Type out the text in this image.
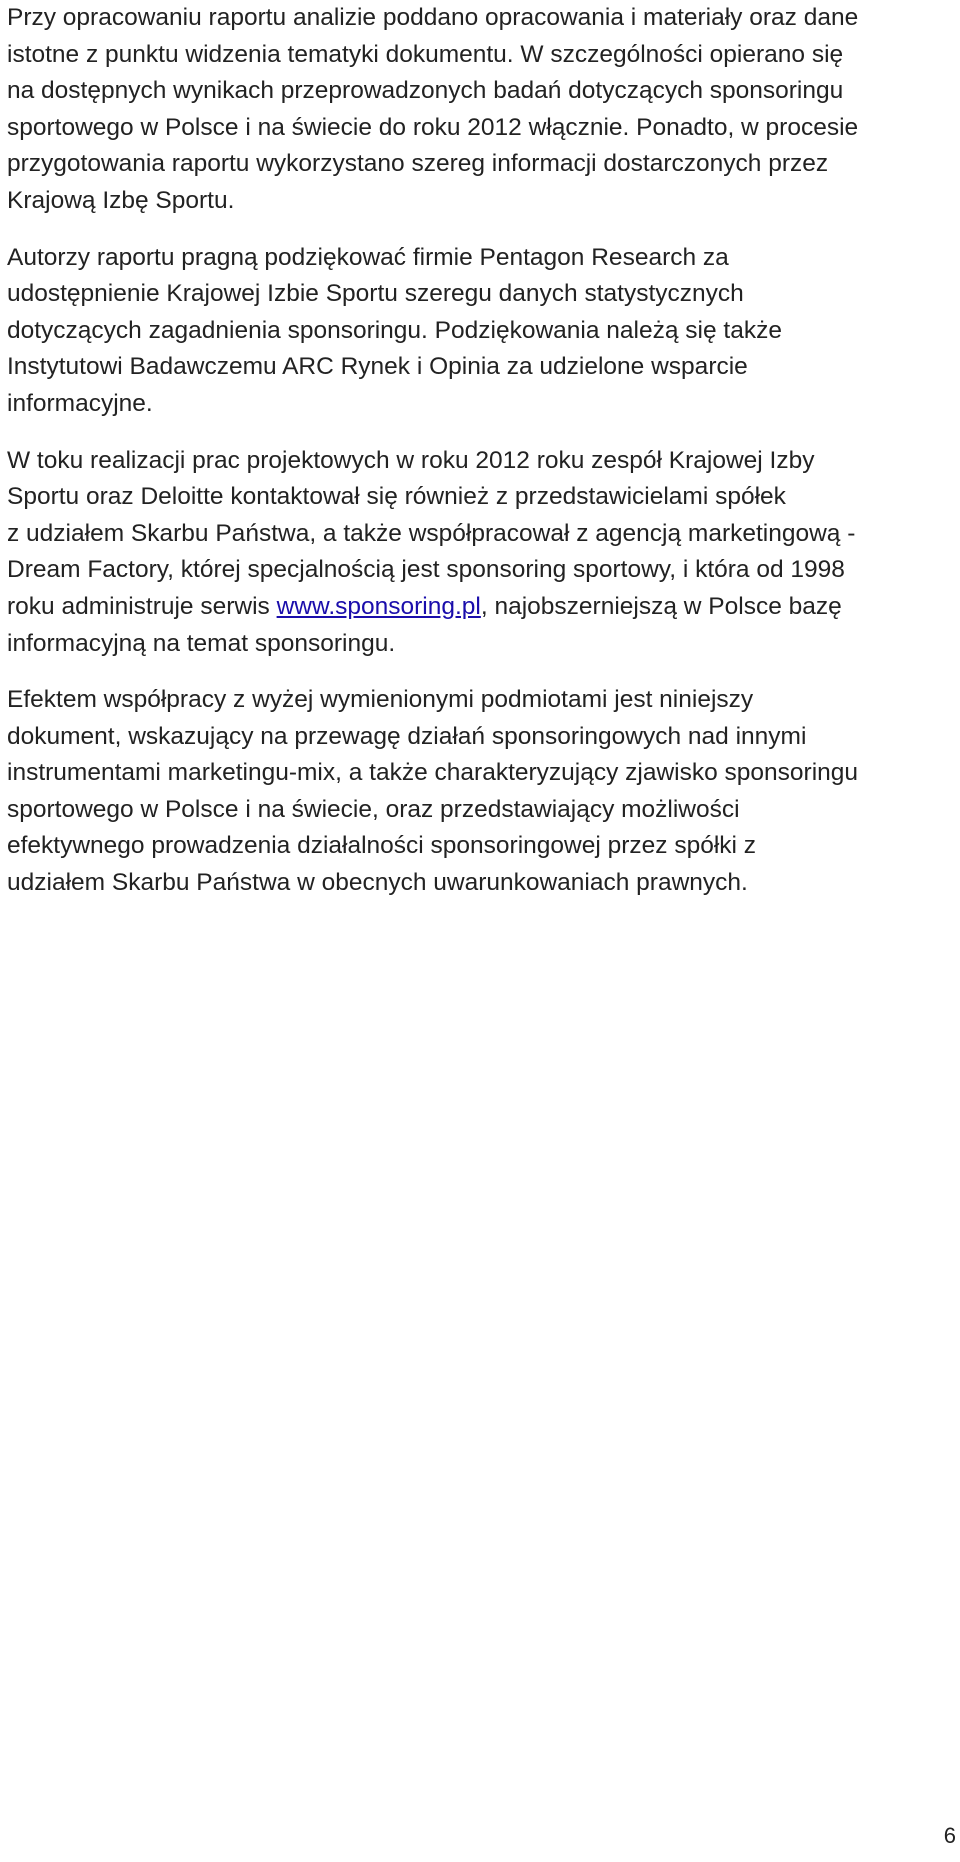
Przy opracowaniu raportu analizie poddano opracowania i materiały oraz dane
istotne z punktu widzenia tematyki dokumentu. W szczególności opierano się
na dostępnych wynikach przeprowadzonych badań dotyczących sponsoringu
sportowego w Polsce i na świecie do roku 2012 włącznie. Ponadto, w procesie
przygotowania raportu wykorzystano szereg informacji dostarczonych przez
Krajową Izbę Sportu.

Autorzy raportu pragną podziękować firmie Pentagon Research za
udostępnienie Krajowej Izbie Sportu szeregu danych statystycznych
dotyczących zagadnienia sponsoringu. Podziękowania należą się także
Instytutowi Badawczemu ARC Rynek i Opinia za udzielone wsparcie
informacyjne.

W toku realizacji prac projektowych w roku 2012 roku zespół Krajowej Izby
Sportu oraz Deloitte kontaktował się również z przedstawicielami spółek
z udziałem Skarbu Państwa, a także współpracował z agencją marketingową -
Dream Factory, której specjalnością jest sponsoring sportowy, i która od 1998
roku administruje serwis www.sponsoring.pl, najobszerniejszą w Polsce bazę
informacyjną na temat sponsoringu.

Efektem współpracy z wyżej wymienionymi podmiotami jest niniejszy
dokument, wskazujący na przewagę działań sponsoringowych nad innymi
instrumentami marketingu-mix, a także charakteryzujący zjawisko sponsoringu
sportowego w Polsce i na świecie, oraz przedstawiający możliwości
efektywnego prowadzenia działalności sponsoringowej przez spółki z
udziałem Skarbu Państwa w obecnych uwarunkowaniach prawnych.

6
